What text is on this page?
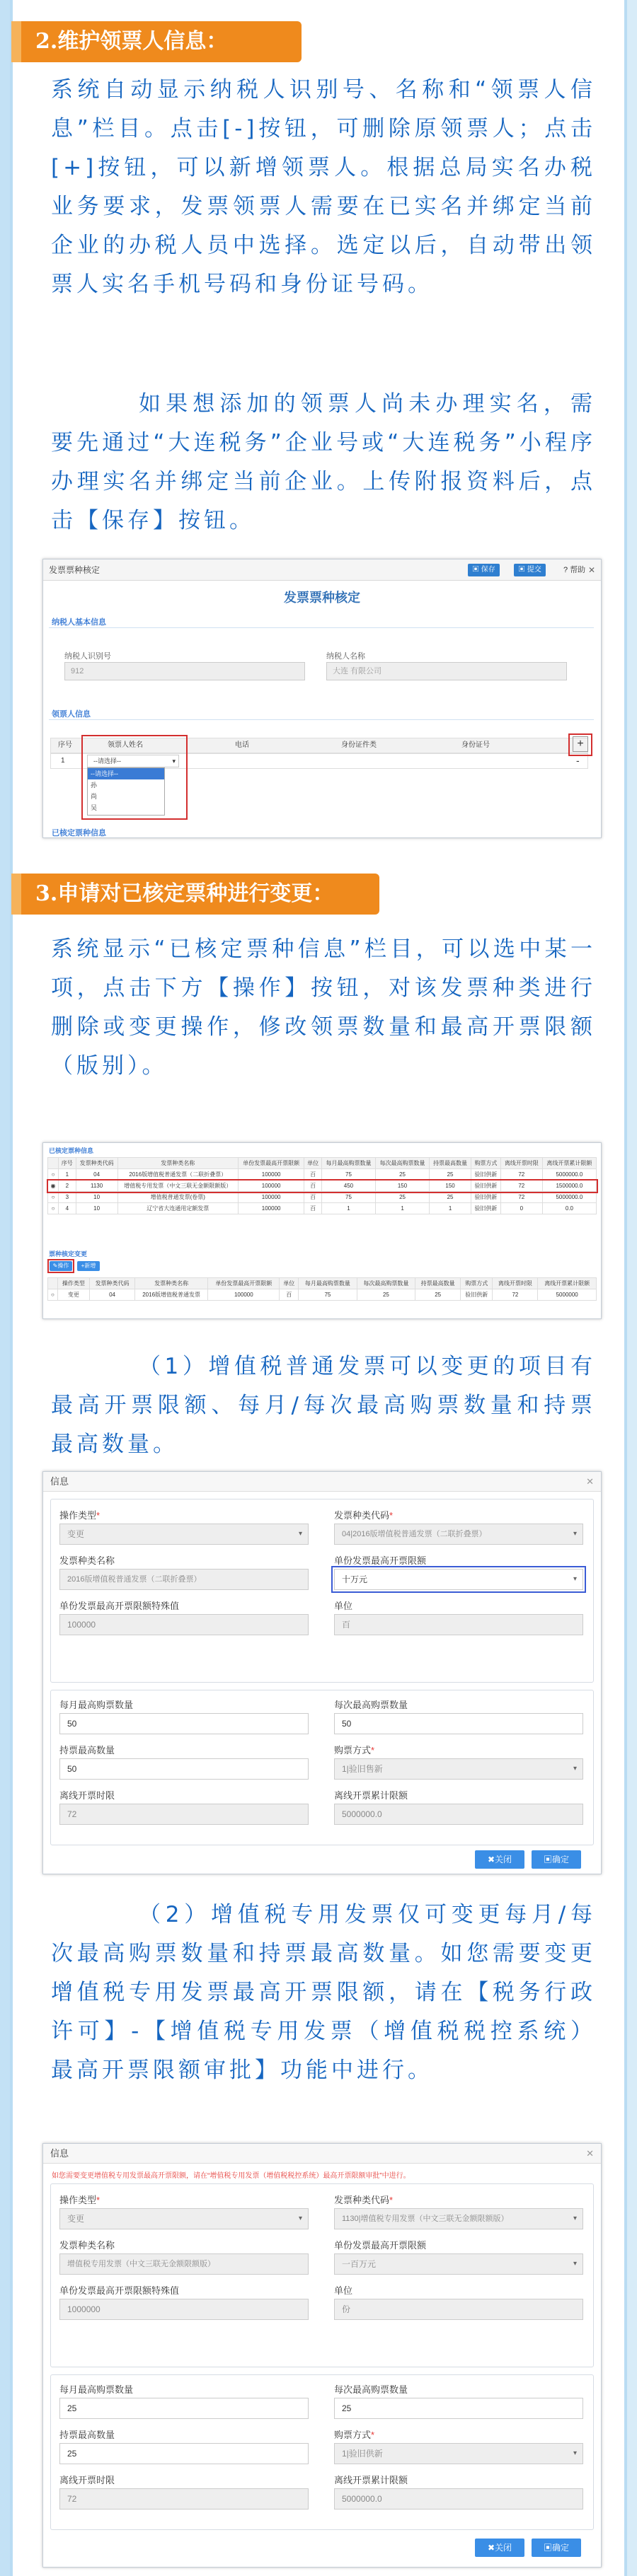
2.维护领票人信息：
系统自动显示纳税人识别号、名称和“领票人信息”栏目。点击[-]按钮，可删除原领票人；点击[+]按钮，可以新增领票人。根据总局实名办税业务要求，发票领票人需要在已实名并绑定当前企业的办税人员中选择。选定以后，自动带出领票人实名手机号码和身份证号码。
如果想添加的领票人尚未办理实名，需要先通过“大连税务”企业号或“大连税务”小程序办理实名并绑定当前企业。上传附报资料后，点击【保存】按钮。
发票票种核定	▣ 保存	▣ 提交	? 帮助 ✕
发票票种核定
纳税人基本信息
纳税人识别号
912
纳税人名称
大连 有限公司
领票人信息
序号	领票人姓名	电话	身份证件类	身份证号
1	--请选择--	▾
--请选择--
孙
尚
吴
+
-
已核定票种信息
3.申请对已核定票种进行变更：
系统显示“已核定票种信息”栏目，可以选中某一项，点击下方【操作】按钮，对该发票种类进行删除或变更操作，修改领票数量和最高开票限额（版别）。
已核定票种信息
	序号	发票种类代码	发票种类名称	单份发票最高开票限额	单位	每月最高购票数量	每次最高购票数量	持票最高数量	购票方式	离线开票时限	离线开票累计限额
○	1	04	2016版增值税普通发票（二联折叠票）	100000	百	75	25	25	验旧供新	72	5000000.0
◉	2	1130	增值税专用发票（中文三联无金额限额版）	100000	百	450	150	150	验旧供新	72	1500000.0
○	3	10	增值税普通发票(卷票)	100000	百	75	25	25	验旧供新	72	5000000.0
○	4	10	辽宁省大连通用定额发票	100000	百	1	1	1	验旧供新	0	0.0
票种核定变更
✎操作	+新增
	操作类型	发票种类代码	发票种类名称	单份发票最高开票限额	单位	每月最高购票数量	每次最高购票数量	持票最高数量	购票方式	离线开票时限	离线开票累计限额
○	变更	04	2016版增值税普通发票	100000	百	75	25	25	验旧供新	72	5000000
（1）增值税普通发票可以变更的项目有最高开票限额、每月/每次最高购票数量和持票最高数量。
信息	✕
操作类型*
变更	▾
发票种类代码*
04|2016版增值税普通发票（二联折叠票）	▾
发票种类名称
2016版增值税普通发票（二联折叠票）
单份发票最高开票限额
十万元	▾
单份发票最高开票限额特殊值
100000
单位
百
每月最高购票数量
50
每次最高购票数量
50
持票最高数量
50
购票方式*
1|验旧售新	▾
离线开票时限
72
离线开票累计限额
5000000.0
✖关闭	▣确定
（2）增值税专用发票仅可变更每月/每次最高购票数量和持票最高数量。如您需要变更增值税专用发票最高开票限额，请在【税务行政许可】-【增值税专用发票（增值税税控系统）最高开票限额审批】功能中进行。
信息	✕
如您需要变更增值税专用发票最高开票限额，请在“增值税专用发票（增值税税控系统）最高开票限额审批”中进行。
操作类型*
变更	▾
发票种类代码*
1130|增值税专用发票（中文三联无金额限额版）	▾
发票种类名称
增值税专用发票（中文三联无金额限额版）
单份发票最高开票限额
一百万元	▾
单份发票最高开票限额特殊值
1000000
单位
份
每月最高购票数量
25
每次最高购票数量
25
持票最高数量
25
购票方式*
1|验旧供新	▾
离线开票时限
72
离线开票累计限额
5000000.0
✖关闭	▣确定
